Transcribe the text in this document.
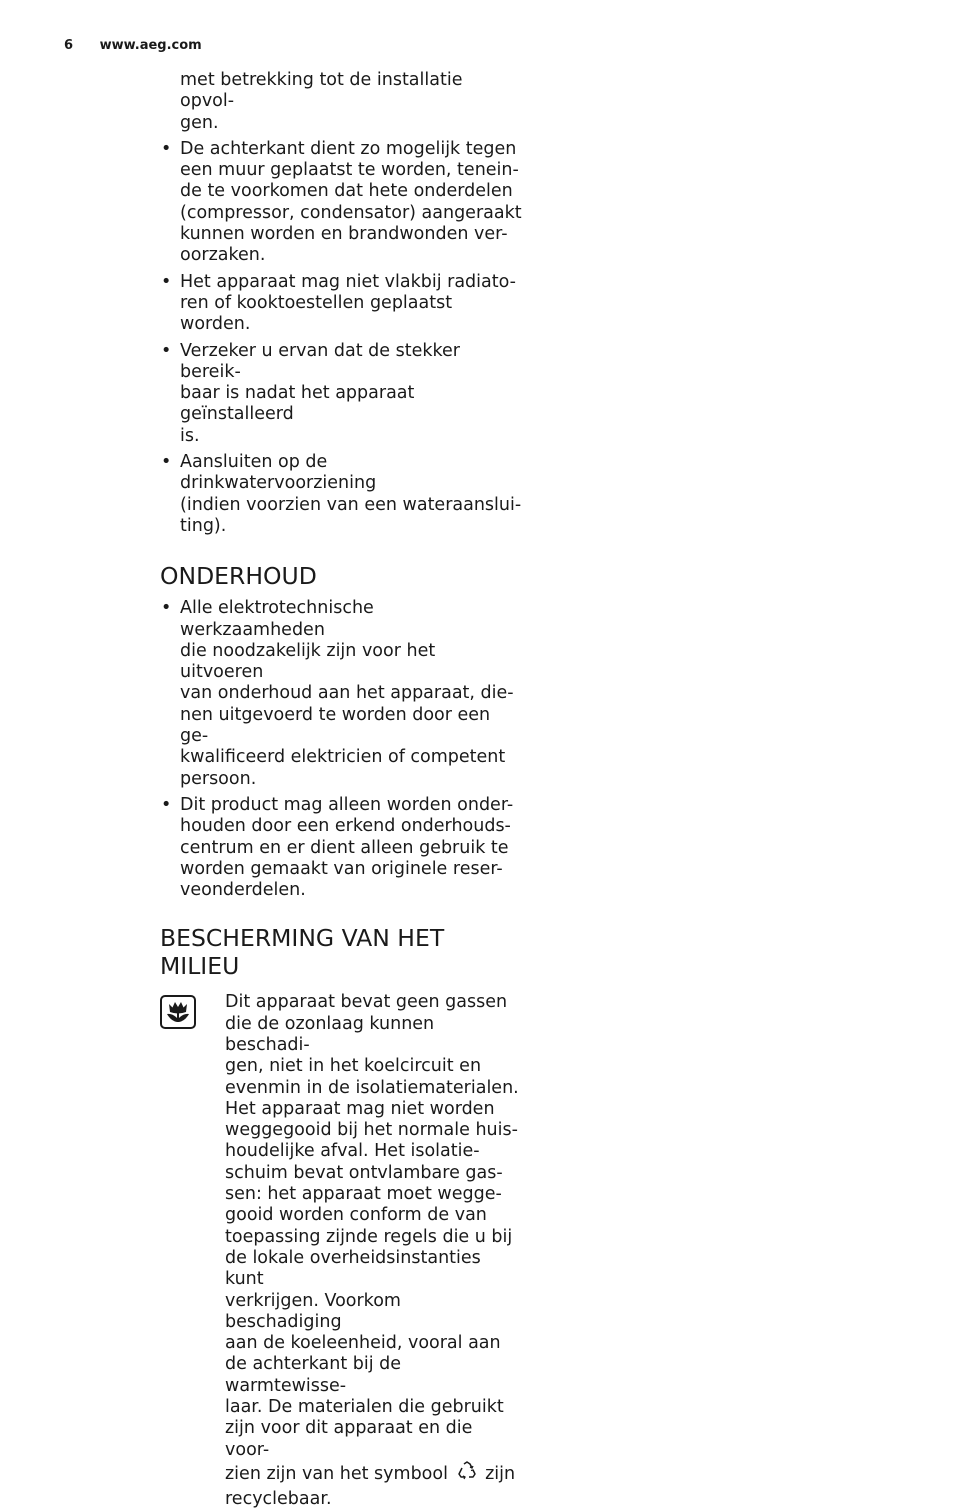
6 www.aeg.com
met betrekking tot de installatie opvol-
gen.
• De achterkant dient zo mogelijk tegen
een muur geplaatst te worden, tenein-
de te voorkomen dat hete onderdelen
(compressor, condensator) aangeraakt
kunnen worden en brandwonden ver-
oorzaken.
• Het apparaat mag niet vlakbij radiato-
ren of kooktoestellen geplaatst worden.
• Verzeker u ervan dat de stekker bereik-
baar is nadat het apparaat geïnstalleerd
is.
• Aansluiten op de drinkwatervoorziening
(indien voorzien van een wateraanslui-
ting).
ONDERHOUD
• Alle elektrotechnische werkzaamheden
die noodzakelijk zijn voor het uitvoeren
van onderhoud aan het apparaat, die-
nen uitgevoerd te worden door een ge-
kwalificeerd elektricien of competent
persoon.
• Dit product mag alleen worden onder-
houden door een erkend onderhouds-
centrum en er dient alleen gebruik te
worden gemaakt van originele reser-
veonderdelen.
BESCHERMING VAN HET
MILIEU
Dit apparaat bevat geen gassen
die de ozonlaag kunnen beschadi-
gen, niet in het koelcircuit en
evenmin in de isolatiematerialen.
Het apparaat mag niet worden
weggegooid bij het normale huis-
houdelijke afval. Het isolatie-
schuim bevat ontvlambare gas-
sen: het apparaat moet wegge-
gooid worden conform de van
toepassing zijnde regels die u bij
de lokale overheidsinstanties kunt
verkrijgen. Voorkom beschadiging
aan de koeleenheid, vooral aan
de achterkant bij de warmtewisse-
laar. De materialen die gebruikt
zijn voor dit apparaat en die voor-
zien zijn van het symbool zijn
recyclebaar.
